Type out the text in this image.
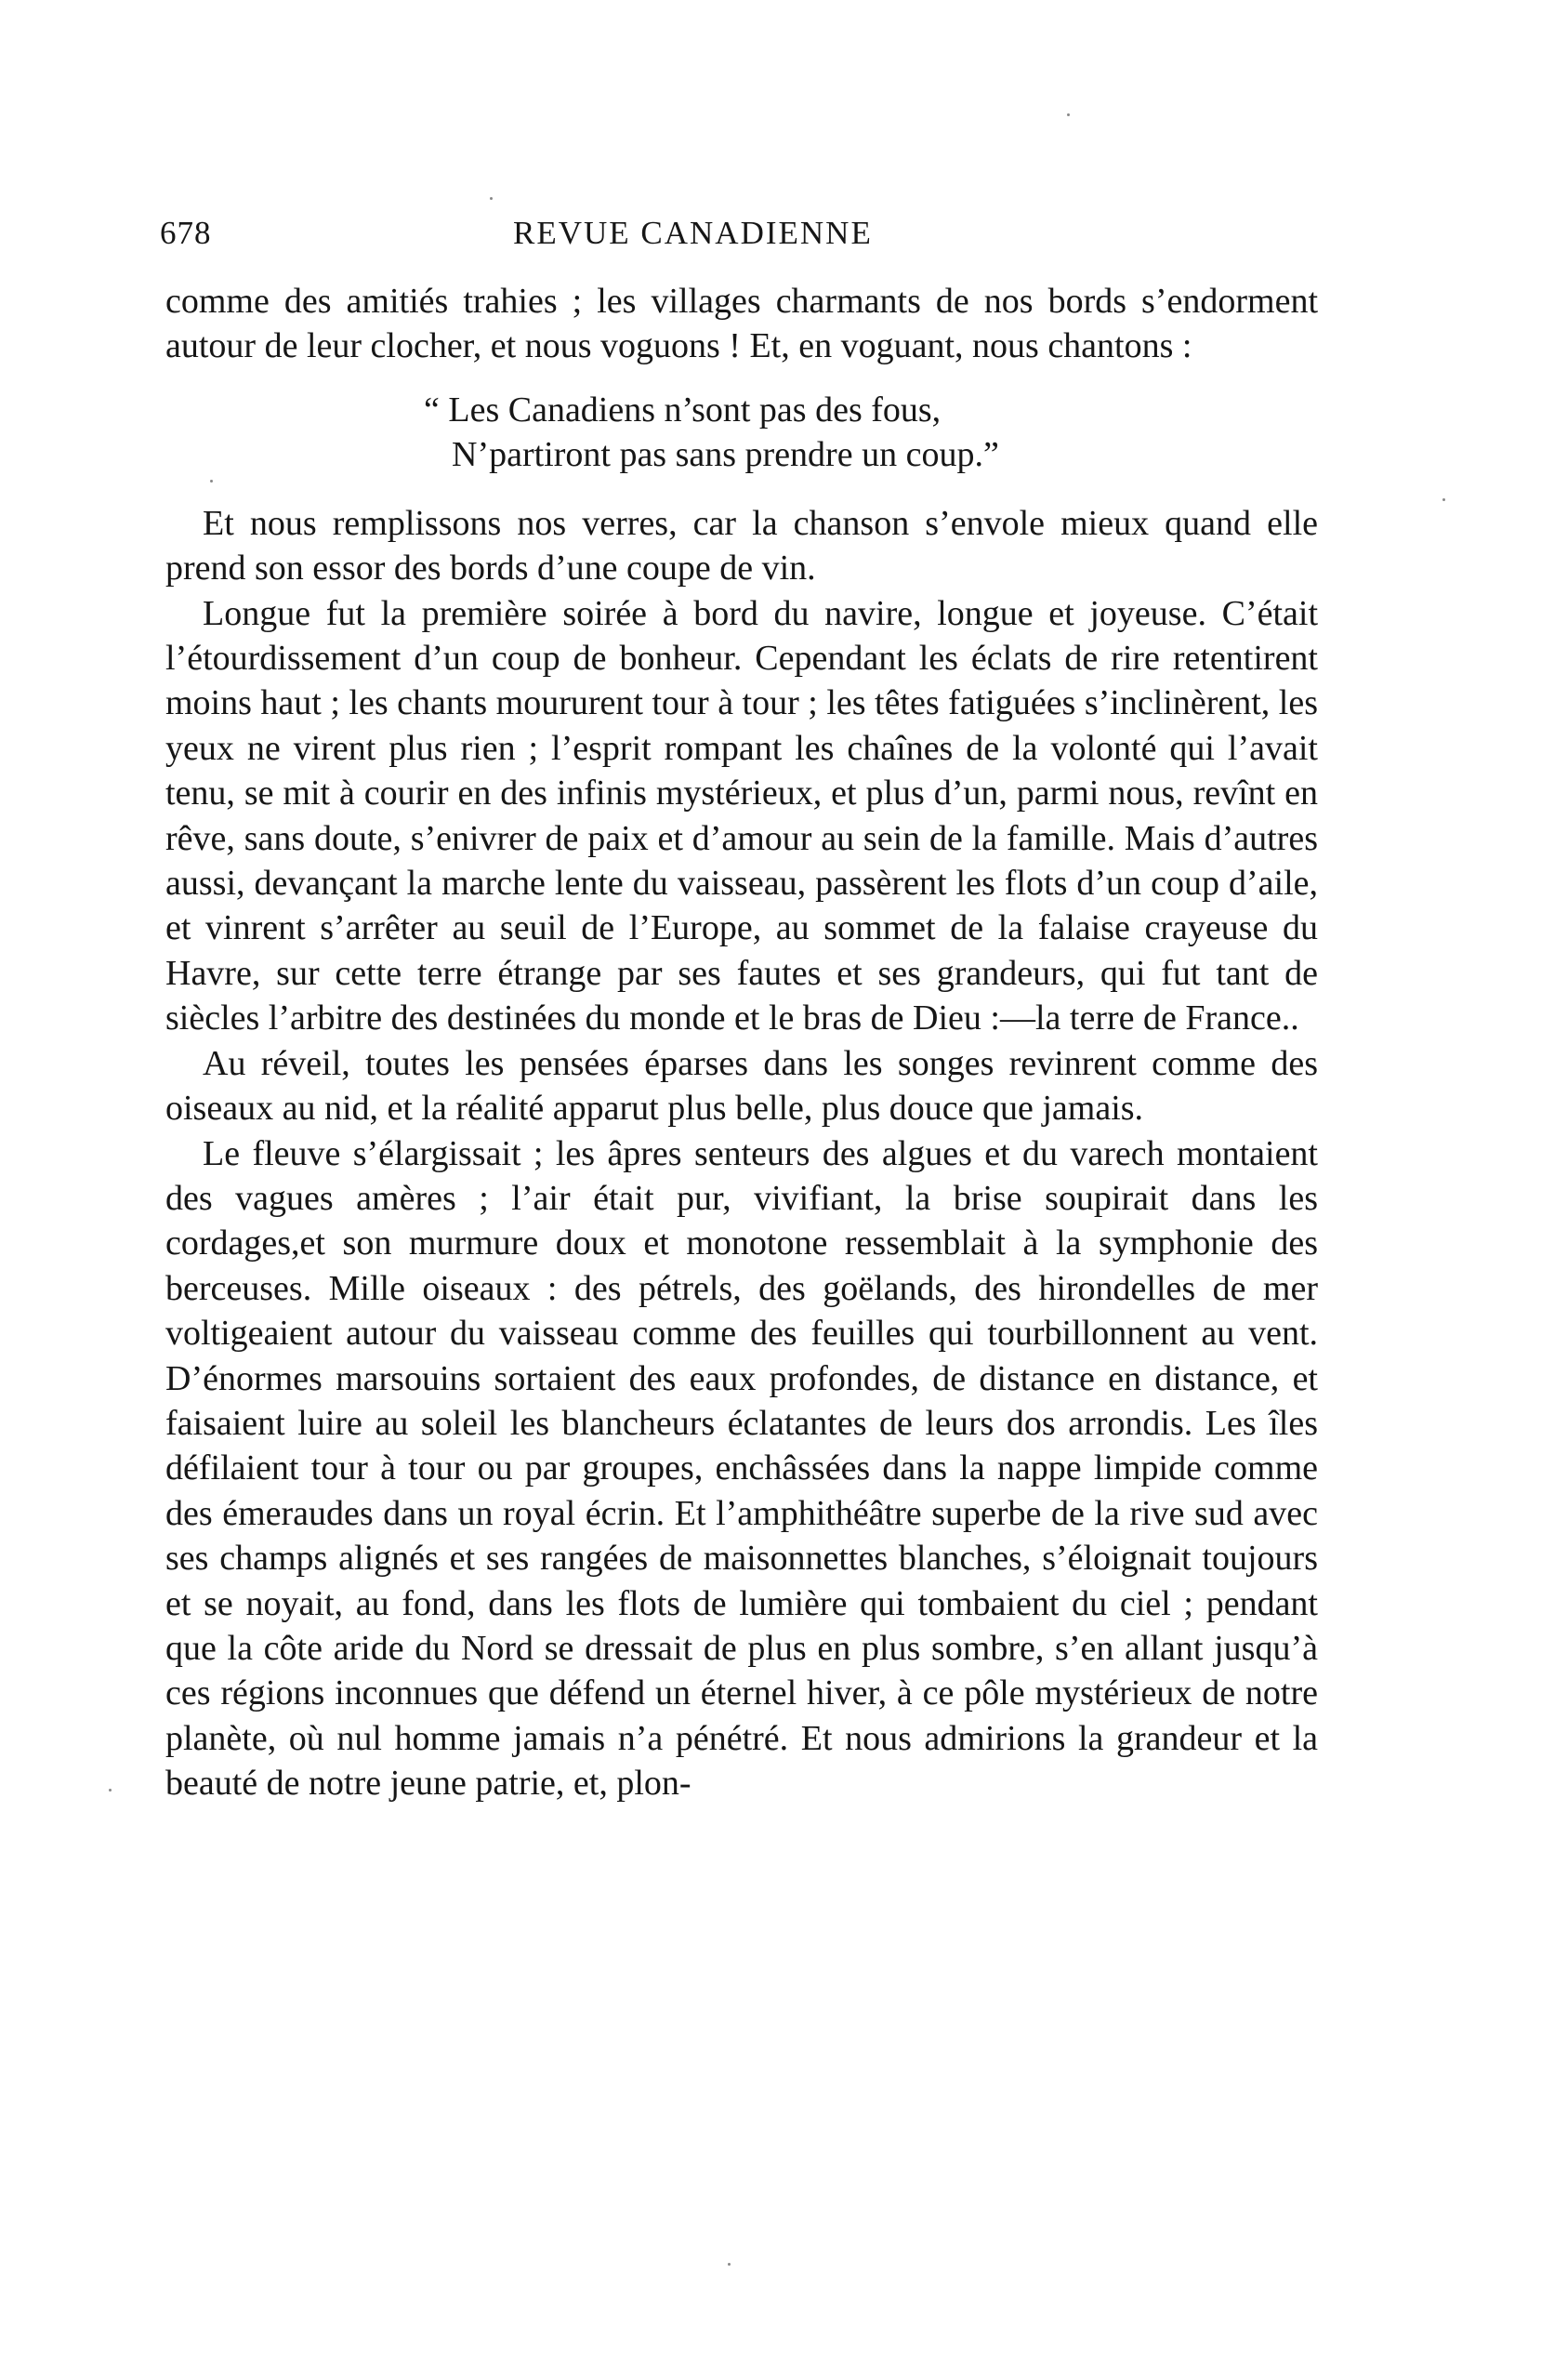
678	REVUE CANADIENNE

comme des amitiés trahies ; les villages charmants de nos bords s’endorment autour de leur clocher, et nous voguons ! Et, en voguant, nous chantons :

“ Les Canadiens n’sont pas des fous,
N’partiront pas sans prendre un coup.”

Et nous remplissons nos verres, car la chanson s’envole mieux quand elle prend son essor des bords d’une coupe de vin.

Longue fut la première soirée à bord du navire, longue et joyeuse. C’était l’étourdissement d’un coup de bonheur. Cependant les éclats de rire retentirent moins haut ; les chants moururent tour à tour ; les têtes fatiguées s’inclinèrent, les yeux ne virent plus rien ; l’esprit rompant les chaînes de la volonté qui l’avait tenu, se mit à courir en des infinis mystérieux, et plus d’un, parmi nous, revînt en rêve, sans doute, s’enivrer de paix et d’amour au sein de la famille. Mais d’autres aussi, devançant la marche lente du vaisseau, passèrent les flots d’un coup d’aile, et vinrent s’arrêter au seuil de l’Europe, au sommet de la falaise crayeuse du Havre, sur cette terre étrange par ses fautes et ses grandeurs, qui fut tant de siècles l’arbitre des destinées du monde et le bras de Dieu :—la terre de France..

Au réveil, toutes les pensées éparses dans les songes revinrent comme des oiseaux au nid, et la réalité apparut plus belle, plus douce que jamais.

Le fleuve s’élargissait ; les âpres senteurs des algues et du varech montaient des vagues amères ; l’air était pur, vivifiant, la brise soupirait dans les cordages,et son murmure doux et monotone ressemblait à la symphonie des berceuses. Mille oiseaux : des pétrels, des goëlands, des hirondelles de mer voltigeaient autour du vaisseau comme des feuilles qui tourbillonnent au vent. D’énormes marsouins sortaient des eaux profondes, de distance en distance, et faisaient luire au soleil les blancheurs éclatantes de leurs dos arrondis. Les îles défilaient tour à tour ou par groupes, enchâssées dans la nappe limpide comme des émeraudes dans un royal écrin. Et l’amphithéâtre superbe de la rive sud avec ses champs alignés et ses rangées de maisonnettes blanches, s’éloignait toujours et se noyait, au fond, dans les flots de lumière qui tombaient du ciel ; pendant que la côte aride du Nord se dressait de plus en plus sombre, s’en allant jusqu’à ces régions inconnues que défend un éternel hiver, à ce pôle mystérieux de notre planète, où nul homme jamais n’a pénétré. Et nous admirions la grandeur et la beauté de notre jeune patrie, et, plon-
